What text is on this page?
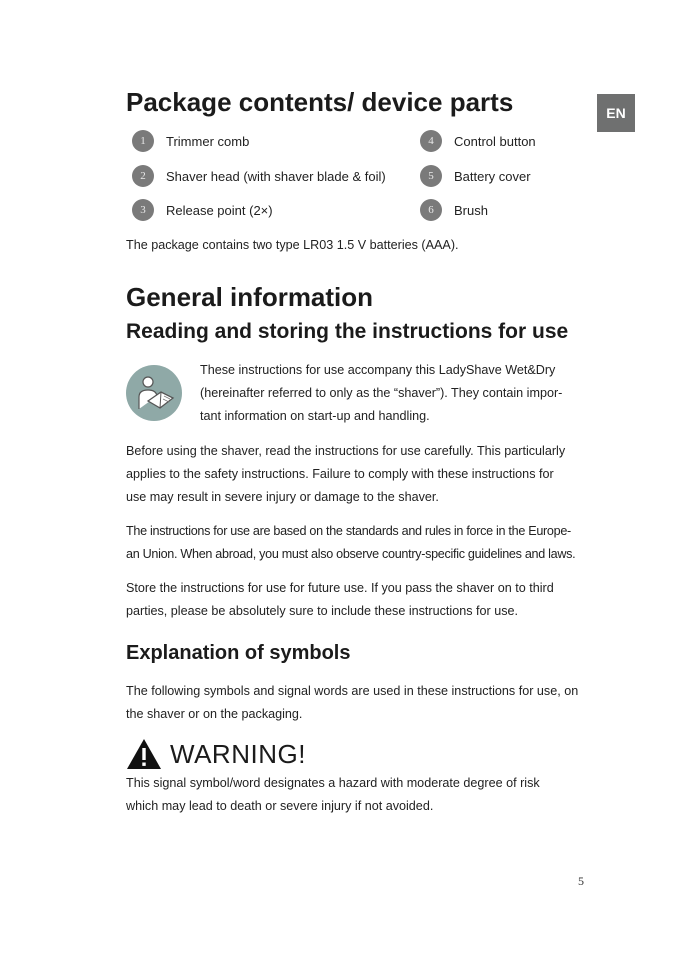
EN
Package contents/ device parts
1	Trimmer comb
2	Shaver head (with shaver blade & foil)
3	Release point (2×)
4	Control button
5	Battery cover
6	Brush

The package contains two type LR03 1.5 V batteries (AAA).

General information
Reading and storing the instructions for use

These instructions for use accompany this LadyShave Wet&Dry

(hereinafter referred to only as the “shaver”). They contain impor-

tant information on start-up and handling.

Before using the shaver, read the instructions for use carefully. This particularly

applies to the safety instructions. Failure to comply with these instructions for

use may result in severe injury or damage to the shaver.

The instructions for use are based on the standards and rules in force in the Europe-

an Union. When abroad, you must also observe country-specific guidelines and laws.

Store the instructions for use for future use. If you pass the shaver on to third

parties, please be absolutely sure to include these instructions for use.

Explanation of symbols

The following symbols and signal words are used in these instructions for use, on

the shaver or on the packaging.

WARNING!

This signal symbol/word designates a hazard with moderate degree of risk

which may lead to death or severe injury if not avoided.

5
